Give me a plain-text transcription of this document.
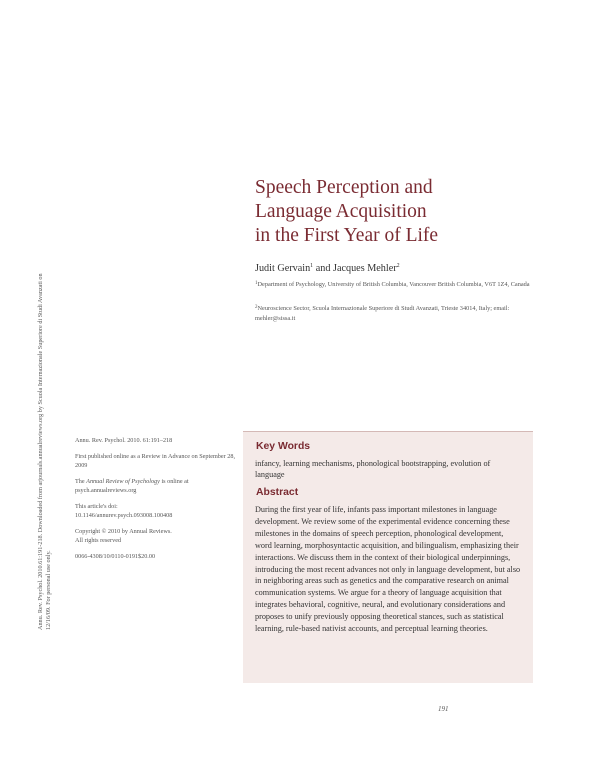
Annu. Rev. Psychol. 2010.61:191-218. Downloaded from arjournals.annualreviews.org by Scuola Internazionale Superiore di Studi Avanzati on 12/16/09. For personal use only.
Speech Perception and
Language Acquisition
in the First Year of Life
Judit Gervain$^1$ and Jacques Mehler$^2$
$^1$Department of Psychology, University of British Columbia, Vancouver British Columbia, V6T 1Z4, Canada
$^2$Neuroscience Sector, Scuola Internazionale Superiore di Studi Avanzati, Trieste 34014, Italy; email: mehler@sissa.it

Annu. Rev. Psychol. 2010. 61:191–218

First published online as a Review in Advance on September 28, 2009

The Annual Review of Psychology is online at psych.annualreviews.org

This article's doi:
10.1146/annurev.psych.093008.100408

Copyright © 2010 by Annual Reviews.
All rights reserved

0066-4308/10/0110-0191$20.00

Key Words
infancy, learning mechanisms, phonological bootstrapping, evolution of language
Abstract
During the first year of life, infants pass important milestones in language development. We review some of the experimental evidence concerning these milestones in the domains of speech perception, phonological development, word learning, morphosyntactic acquisition, and bilingualism, emphasizing their interactions. We discuss them in the context of their biological underpinnings, introducing the most recent advances not only in language development, but also in neighboring areas such as genetics and the comparative research on animal communication systems. We argue for a theory of language acquisition that integrates behavioral, cognitive, neural, and evolutionary considerations and proposes to unify previously opposing theoretical stances, such as statistical learning, rule-based nativist accounts, and perceptual learning theories.
191
